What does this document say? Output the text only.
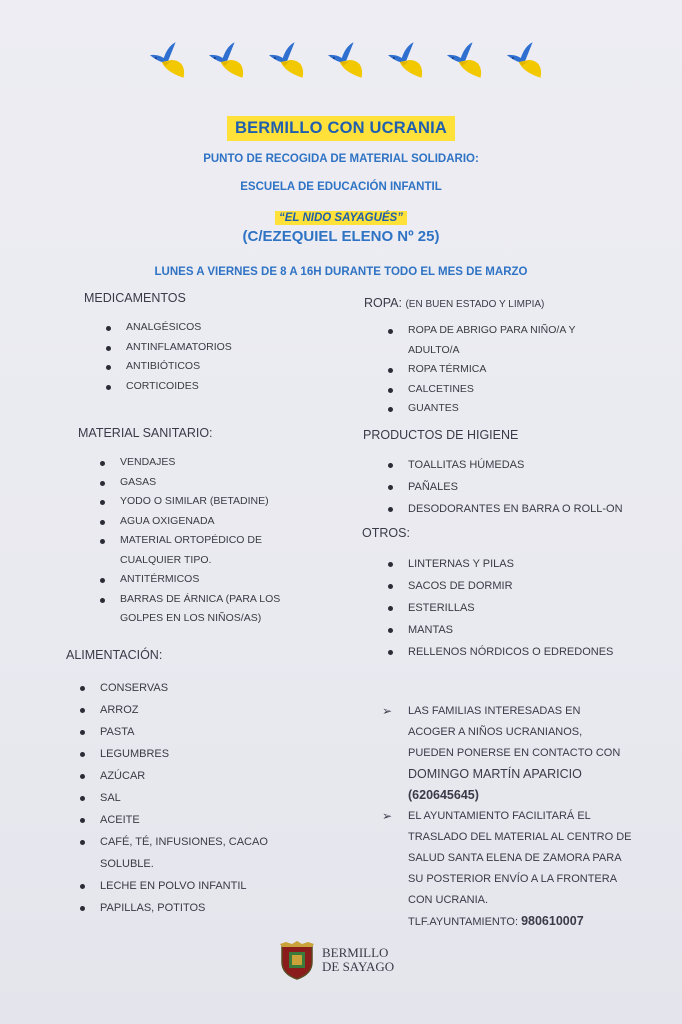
BERMILLO CON UCRANIA
PUNTO DE RECOGIDA DE MATERIAL SOLIDARIO:
ESCUELA DE EDUCACIÓN INFANTIL
“EL NIDO SAYAGUÉS”
(C/EZEQUIEL ELENO Nº 25)
LUNES A VIERNES DE 8 A 16H DURANTE TODO EL MES DE MARZO
MEDICAMENTOS
ANALGÉSICOS
ANTINFLAMATORIOS
ANTIBIÓTICOS
CORTICOIDES
MATERIAL SANITARIO:
VENDAJES
GASAS
YODO O SIMILAR (BETADINE)
AGUA OXIGENADA
MATERIAL ORTOPÉDICO DE
CUALQUIER TIPO.
ANTITÉRMICOS
BARRAS DE ÁRNICA (PARA LOS
GOLPES EN LOS NIÑOS/AS)
ALIMENTACIÓN:
CONSERVAS
ARROZ
PASTA
LEGUMBRES
AZÚCAR
SAL
ACEITE
CAFÉ, TÉ, INFUSIONES, CACAO
SOLUBLE.
LECHE EN POLVO INFANTIL
PAPILLAS, POTITOS
ROPA: (EN BUEN ESTADO Y LIMPIA)
ROPA DE ABRIGO PARA NIÑO/A Y
ADULTO/A
ROPA TÉRMICA
CALCETINES
GUANTES
PRODUCTOS DE HIGIENE
TOALLITAS HÚMEDAS
PAÑALES
DESODORANTES EN BARRA O ROLL-ON
OTROS:
LINTERNAS Y PILAS
SACOS DE DORMIR
ESTERILLAS
MANTAS
RELLENOS NÓRDICOS O EDREDONES
➢ LAS FAMILIAS INTERESADAS EN
ACOGER A NIÑOS UCRANIANOS,
PUEDEN PONERSE EN CONTACTO CON
DOMINGO MARTÍN APARICIO
(620645645)
➢ EL AYUNTAMIENTO FACILITARÁ EL
TRASLADO DEL MATERIAL AL CENTRO DE
SALUD SANTA ELENA DE ZAMORA PARA
SU POSTERIOR ENVÍO A LA FRONTERA
CON UCRANIA.
TLF.AYUNTAMIENTO: 980610007
BERMILLO
DE SAYAGO
